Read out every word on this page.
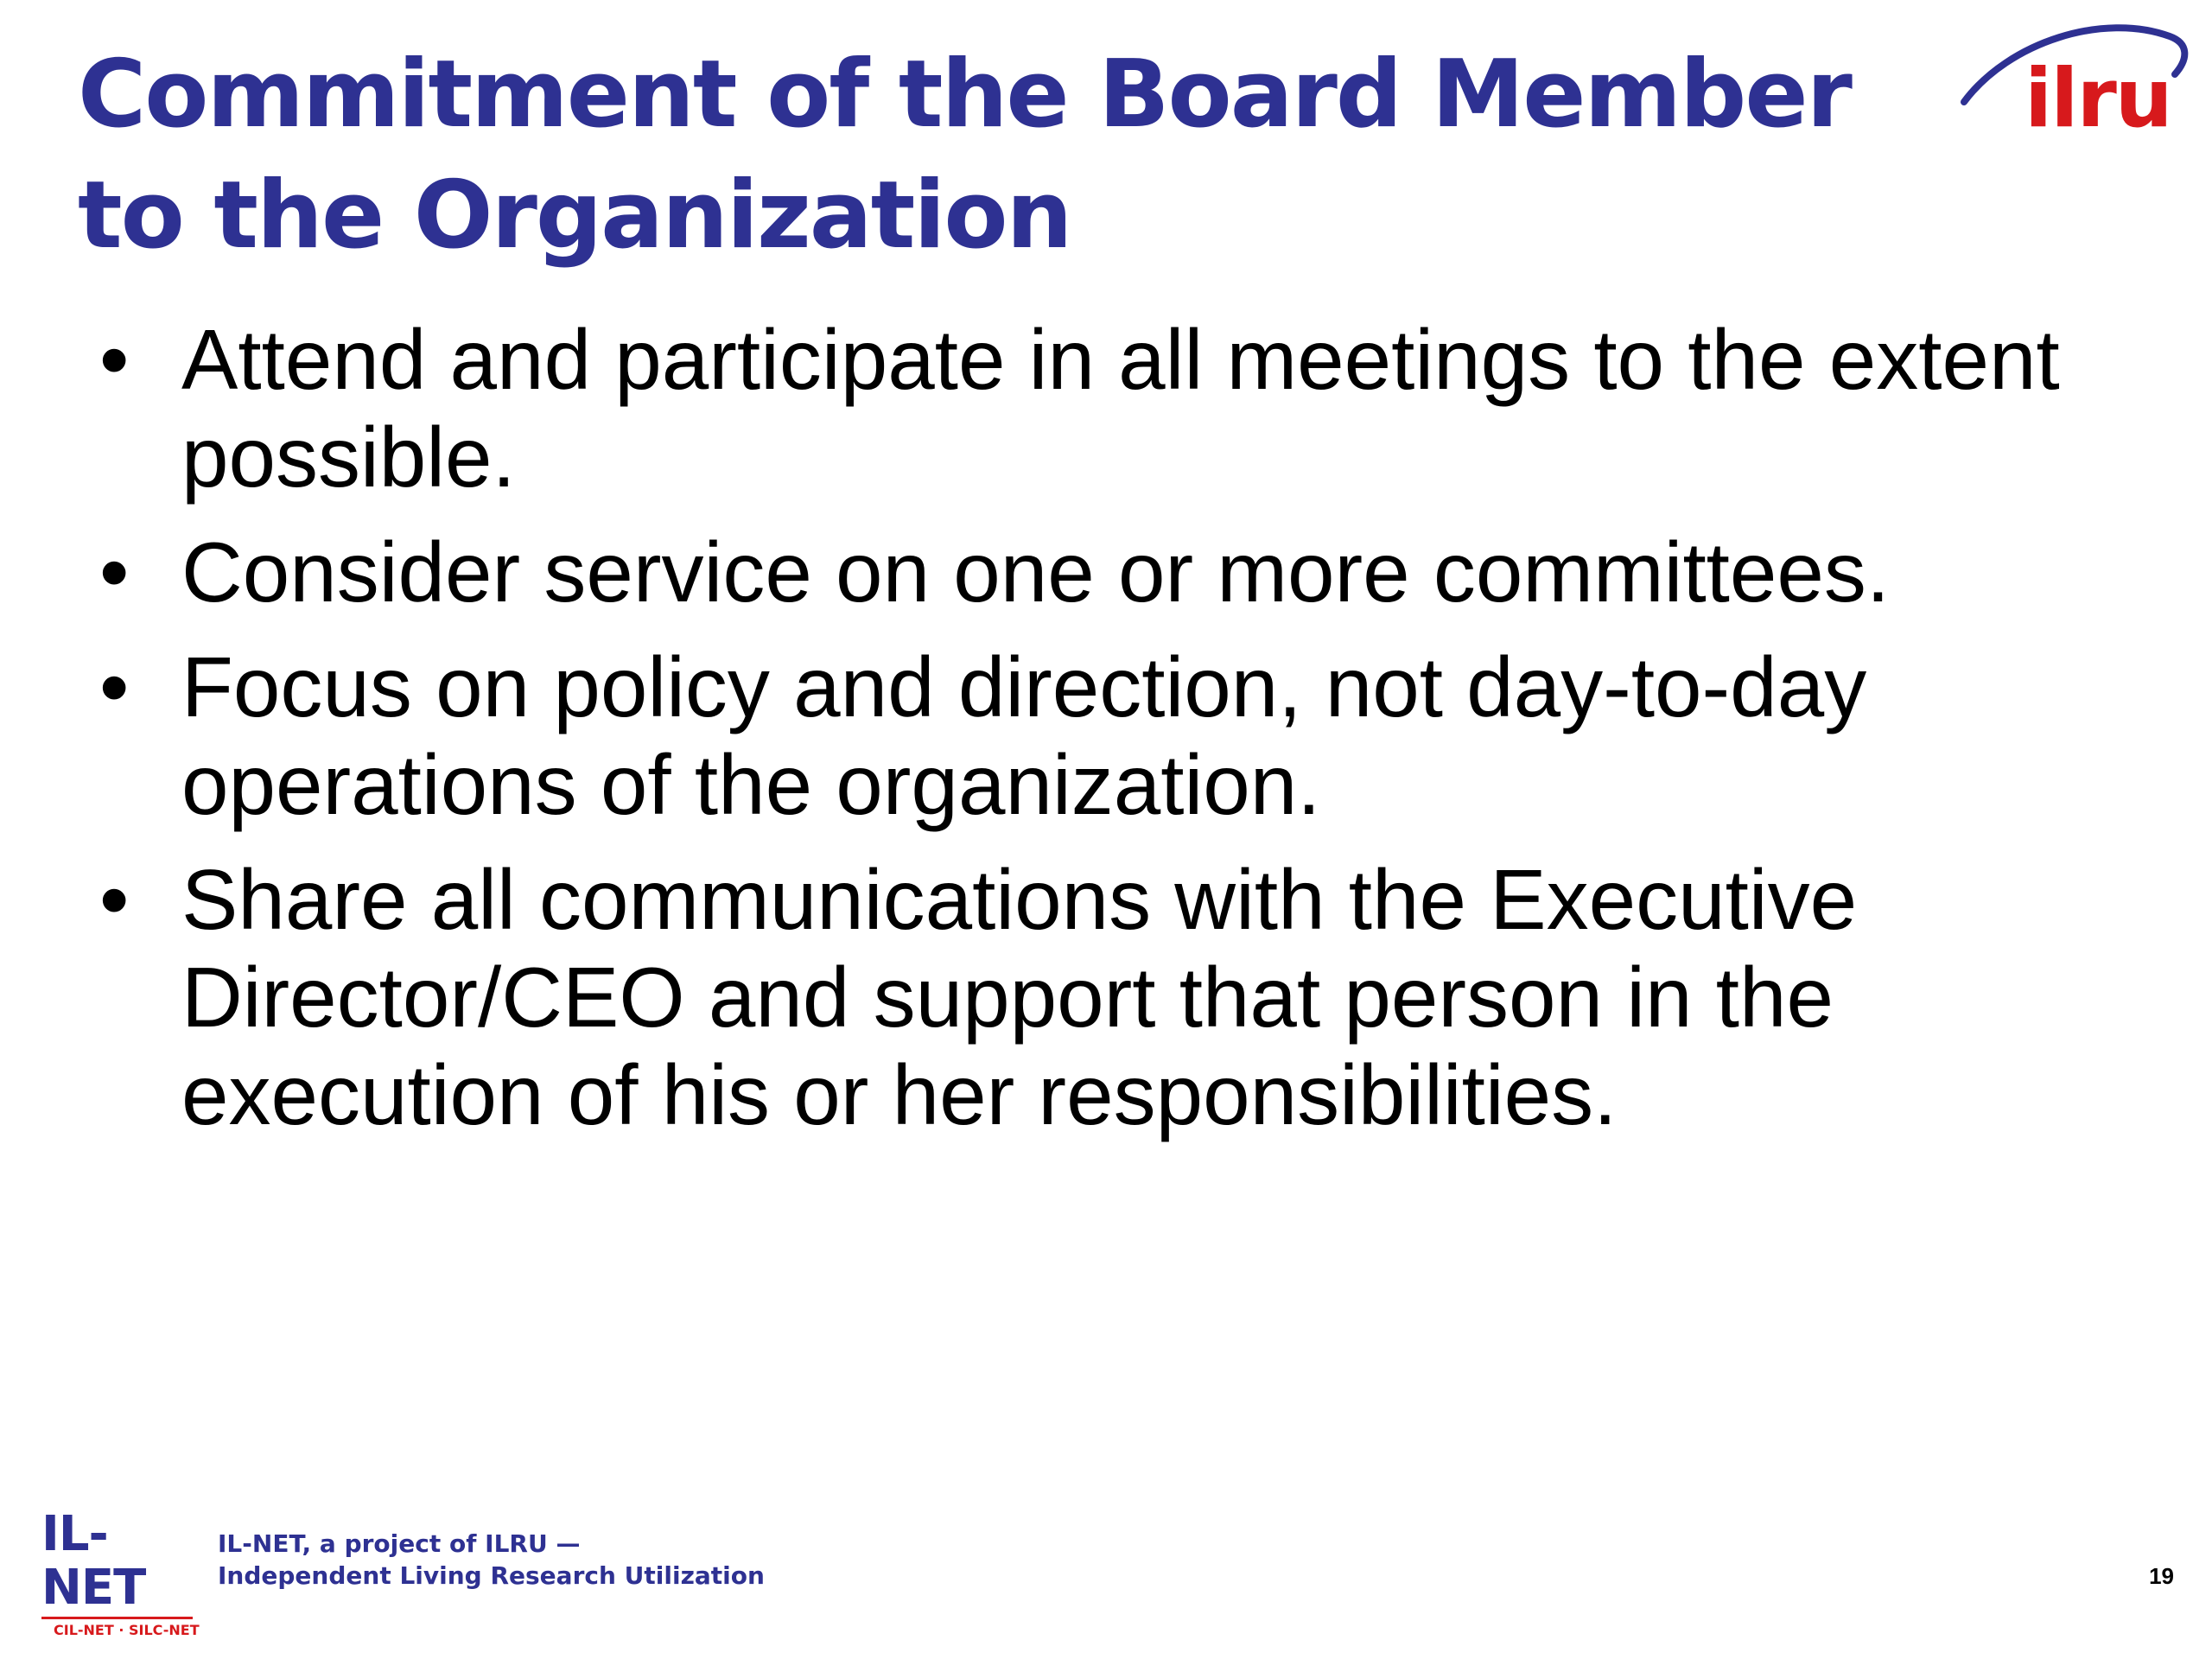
Commitment of the Board Member to the Organization
ilru
• Attend and participate in all meetings to the extent possible.
• Consider service on one or more committees.
• Focus on policy and direction, not day-to-day operations of the organization.
• Share all communications with the Executive Director/CEO and support that person in the execution of his or her responsibilities.
IL-NET
CIL-NET · SILC-NET
IL-NET, a project of ILRU —
Independent Living Research Utilization	19
